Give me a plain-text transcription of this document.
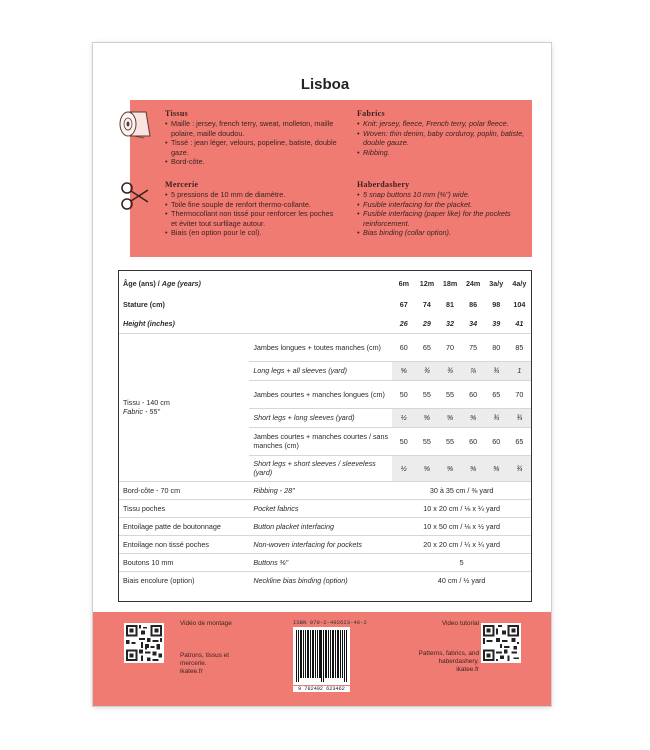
Lisboa
Tissus
• Maille : jersey, french terry, sweat, molleton, maille polaire, maille doudou.
• Tissé : jean léger, velours, popeline, batiste, double gaze.
• Bord-côte.
Fabrics
• Knit: jersey, fleece, French terry, polar fleece.
• Woven: thin denim, baby corduroy, poplin, batiste, double gauze.
• Ribbing.
Mercerie
• 5 pressions de 10 mm de diamètre.
• Toile fine souple de renfort thermo-collante.
• Thermocollant non tissé pour renforcer les poches et éviter tout surfilage autour.
• Biais (en option pour le col).
Haberdashery
• 5 snap buttons 10 mm (⅜") wide.
• Fusible interfacing for the placket.
• Fusible interfacing (paper like) for the pockets reinforcement.
• Bias binding (collar option).
Âge (ans) / Age (years)		6m	12m	18m	24m	3a/y	4a/y
Stature (cm)		67	74	81	86	98	104
Height (inches)		26	29	32	34	39	41

Tissu - 140 cm
Fabric - 55"	Jambes longues + toutes manches (cm)	60	65	70	75	80	85
	Long legs + all sleeves (yard)	⅝	¾	¾	⅞	¾	1
	Jambes courtes + manches longues (cm)	50	55	55	60	65	70
	Short legs + long sleeves (yard)	½	⅝	⅝	⅝	¾	¾
	Jambes courtes + manches courtes / sans manches (cm)	50	55	55	60	60	65
	Short legs + short sleeves / sleeveless (yard)	½	⅝	⅝	⅝	⅝	¾
Bord-côte - 70 cm	Ribbing - 28"	30 à 35 cm / ⅜ yard					
Tissu poches	Pocket fabrics	10 x 20 cm / ⅛ x ¼ yard					
Entoilage patte de boutonnage	Button placket interfacing	10 x 50 cm / ⅛ x ½ yard					
Entoilage non tissé poches	Non-woven interfacing for pockets	20 x 20 cm / ¼ x ¼ yard					
Boutons 10 mm	Buttons ⅜"	5					
Biais encolure (option)	Neckline bias binding (option)	40 cm / ½ yard					
Vidéo de montage
Patrons, tissus et mercerie.
ikatee.fr
ISBN 978-2-492623-46-2
9 782492 623462
Video tutorial
Patterns, fabrics, and haberdashery.
ikatee.fr
